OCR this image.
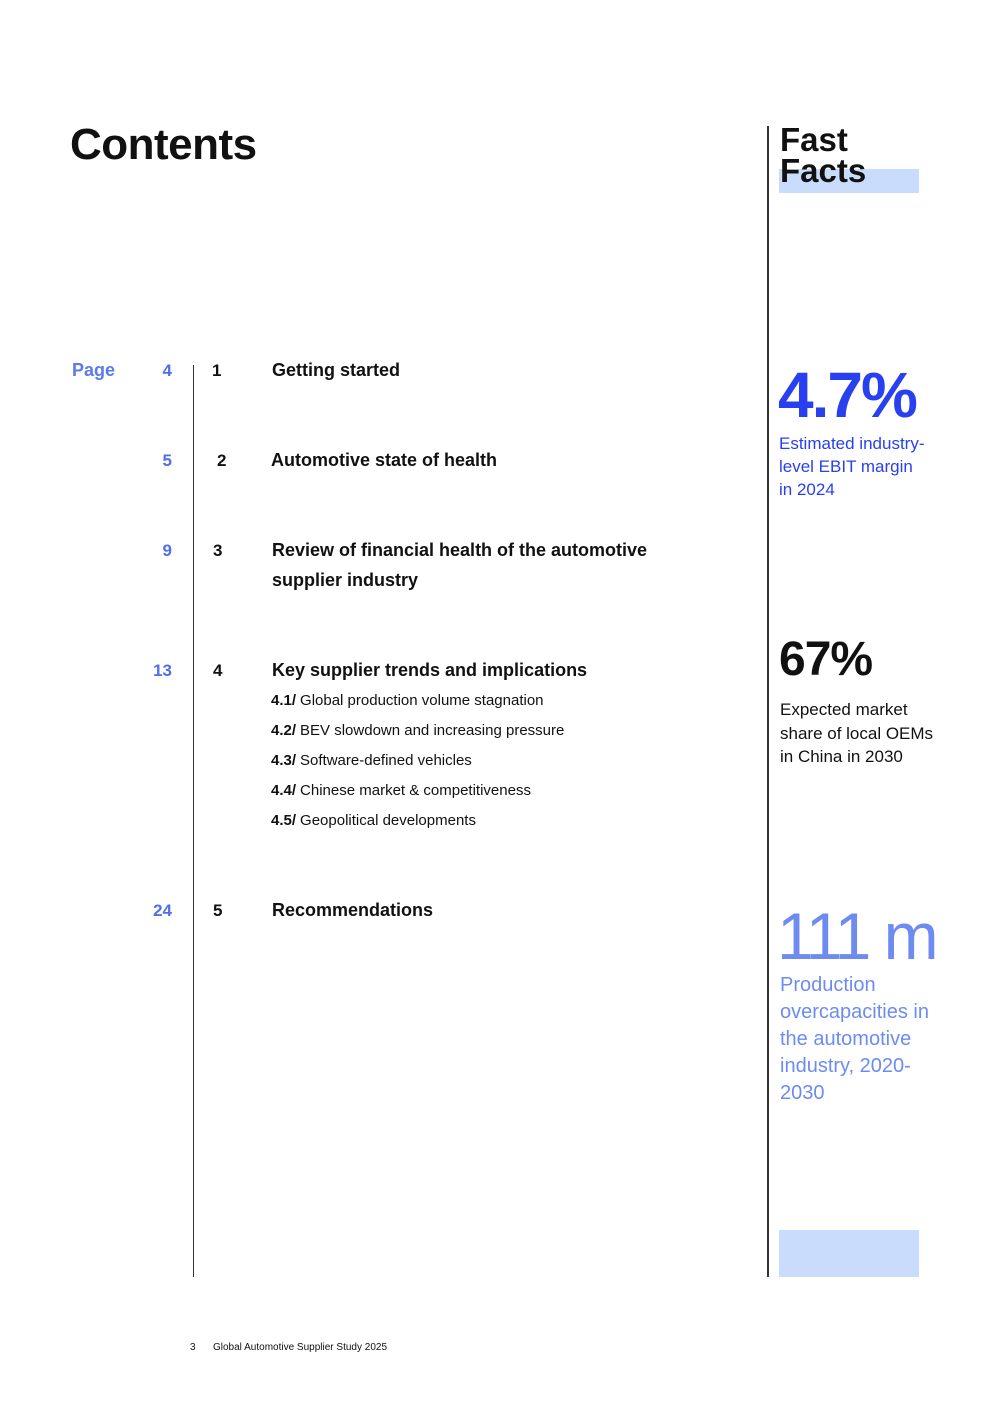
Contents
Page	4 1	Getting started
5	2 Automotive state of health
9 3	Review of financial health of the automotive supplier industry
13 4	Key supplier trends and implications
4.1/ Global production volume stagnation
4.2/ BEV slowdown and increasing pressure
4.3/ Software-defined vehicles
4.4/ Chinese market & competitiveness
4.5/ Geopolitical developments
24 5	Recommendations
Fast
Facts
4.7%
Estimated industry-level EBIT margin in 2024
67%
Expected market share of local OEMs in China in 2030
111 m
Production overcapacities in the automotive industry, 2020-2030
3 Global Automotive Supplier Study 2025
